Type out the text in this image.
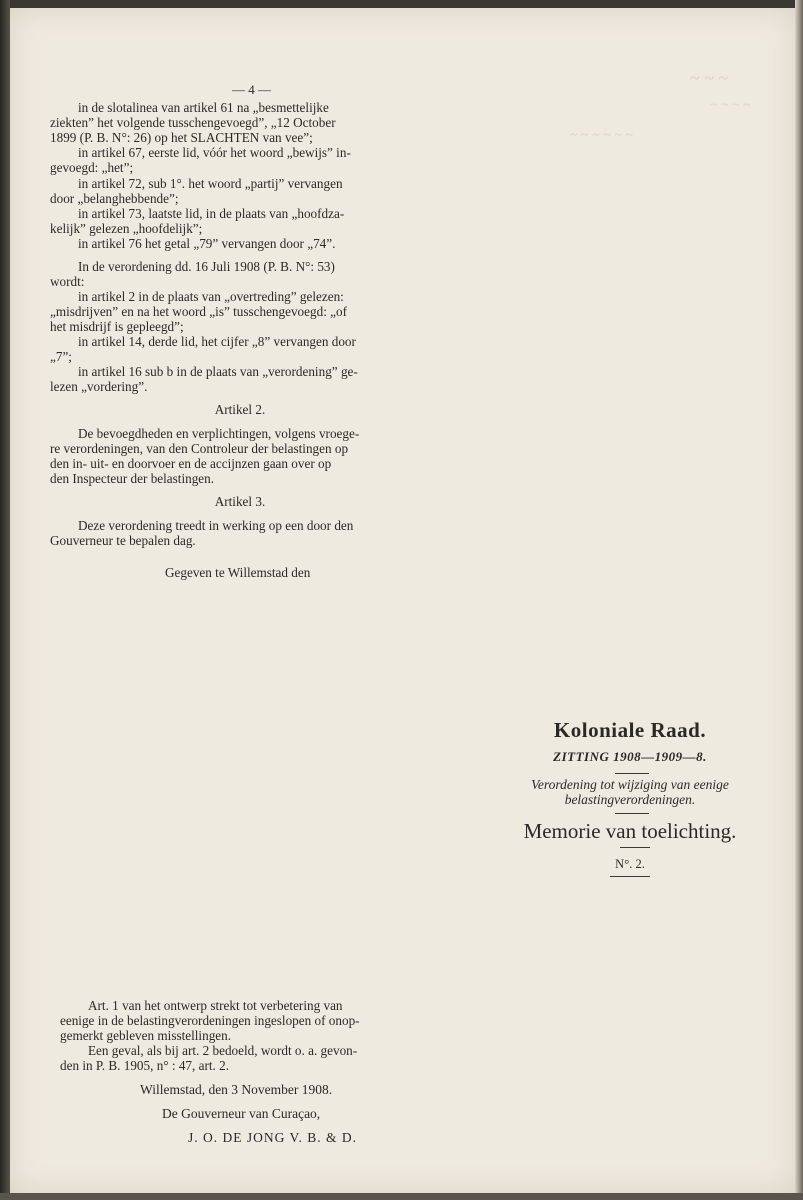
~ ~ ~
~ ~ ~ ~
~ ~ ~ ~ ~ ~
— 4 —
in de slotalinea van artikel 61 na „besmettelijke
ziekten” het volgende tusschengevoegd”, „12 October
1899 (P. B. N°: 26) op het SLACHTEN van vee”;
in artikel 67, eerste lid, vóór het woord „bewijs” in-
gevoegd: „het”;
in artikel 72, sub 1°. het woord „partij” vervangen
door „belanghebbende”;
in artikel 73, laatste lid, in de plaats van „hoofdza-
kelijk” gelezen „hoofdelijk”;
in artikel 76 het getal „79” vervangen door „74”.
In de verordening dd. 16 Juli 1908 (P. B. N°: 53)
wordt:
in artikel 2 in de plaats van „overtreding” gelezen:
„misdrijven” en na het woord „is” tusschengevoegd: „of
het misdrijf is gepleegd”;
in artikel 14, derde lid, het cijfer „8” vervangen door
„7”;
in artikel 16 sub b in de plaats van „verordening” ge-
lezen „vordering”.
Artikel 2.
De bevoegdheden en verplichtingen, volgens vroege-
re verordeningen, van den Controleur der belastingen op
den in- uit- en doorvoer en de accijnzen gaan over op
den Inspecteur der belastingen.
Artikel 3.
Deze verordening treedt in werking op een door den
Gouverneur te bepalen dag.
Gegeven te Willemstad den
Koloniale Raad.
ZITTING 1908—1909—8.
Verordening tot wijziging van eenige
belastingverordeningen.
Memorie van toelichting.
N°. 2.
Art. 1 van het ontwerp strekt tot verbetering van
eenige in de belastingverordeningen ingeslopen of onop-
gemerkt gebleven misstellingen.
Een geval, als bij art. 2 bedoeld, wordt o. a. gevon-
den in P. B. 1905, n° : 47, art. 2.
Willemstad, den 3 November 1908.
De Gouverneur van Curaçao,
J. O. DE JONG V. B. & D.
